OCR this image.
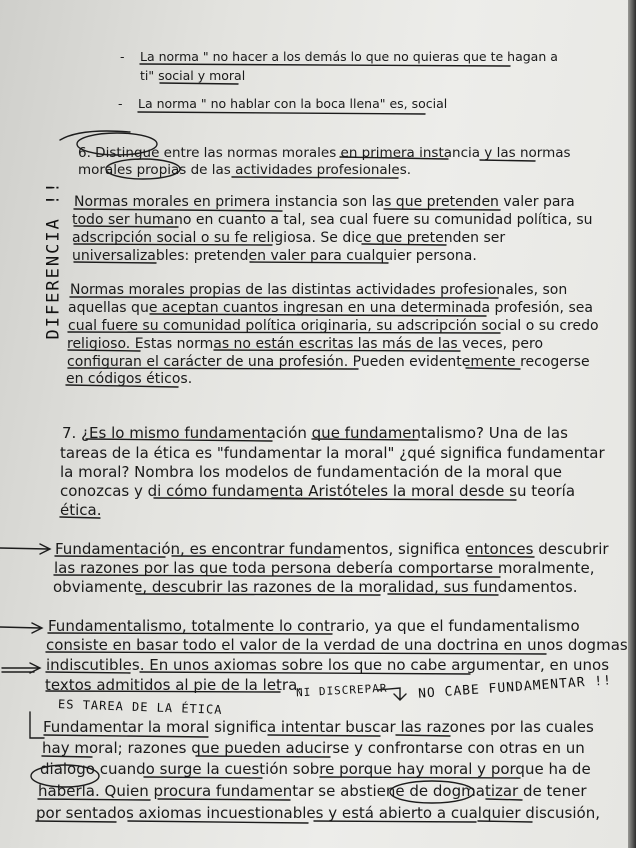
- La norma " no hacer a los demás lo que no quieras que te hagan a
ti" social y moral
- La norma " no hablar con la boca llena" es, social
6. Distingue entre las normas morales en primera instancia y las normas
morales propias de las actividades profesionales.
Normas morales en primera instancia son las que pretenden valer para
todo ser humano en cuanto a tal, sea cual fuere su comunidad política, su
adscripción social o su fe religiosa. Se dice que pretenden ser
universalizables: pretenden valer para cualquier persona.
Normas morales propias de las distintas actividades profesionales, son
aquellas que aceptan cuantos ingresan en una determinada profesión, sea
cual fuere su comunidad política originaria, su adscripción social o su credo
religioso. Estas normas no están escritas las más de las veces, pero
configuran el carácter de una profesión. Pueden evidentemente recogerse
en códigos éticos.
7. ¿Es lo mismo fundamentación que fundamentalismo? Una de las
tareas de la ética es "fundamentar la moral" ¿qué significa fundamentar
la moral? Nombra los modelos de fundamentación de la moral que
conozcas y di cómo fundamenta Aristóteles la moral desde su teoría
ética.
Fundamentación, es encontrar fundamentos, significa entonces descubrir
las razones por las que toda persona debería comportarse moralmente,
obviamente, descubrir las razones de la moralidad, sus fundamentos.
Fundamentalismo, totalmente lo contrario, ya que el fundamentalismo
consiste en basar todo el valor de la verdad de una doctrina en unos dogmas
indiscutibles. En unos axiomas sobre los que no cabe argumentar, en unos
textos admitidos al pie de la letra.
Fundamentar la moral significa intentar buscar las razones por las cuales
hay moral; razones que pueden aducirse y confrontarse con otras en un
dialogo cuando surge la cuestión sobre porque hay moral y porque ha de
haberla. Quien procura fundamentar se abstiene de dogmatizar de tener
por sentados axiomas incuestionables y está abierto a cualquier discusión,
DIFERENCIA !!
NI DISCREPAR NO CABE FUNDAMENTAR !!
ES TAREA DE LA ÉTICA
